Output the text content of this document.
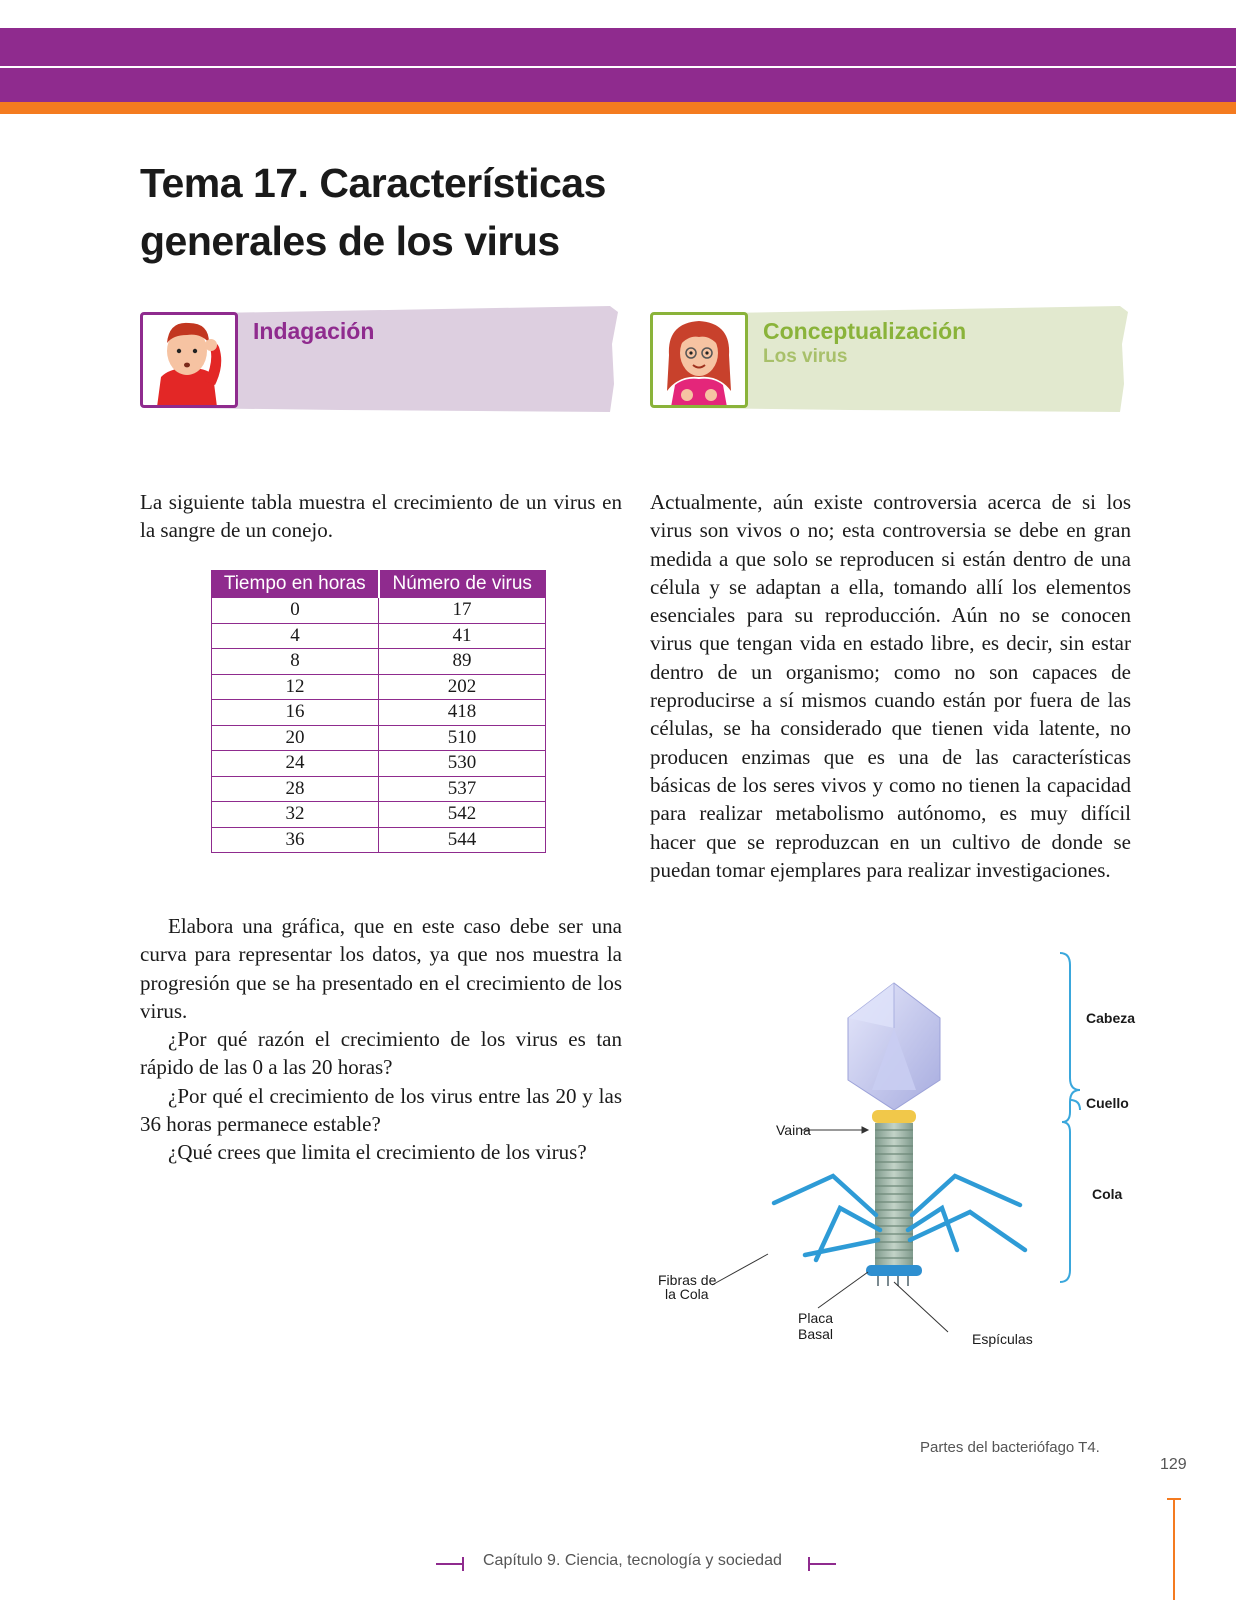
Tema 17. Características
generales de los virus
Indagación	Conceptualización
Los virus

La siguiente tabla muestra el crecimiento de un virus en la sangre de un conejo.

Tiempo en horas	Número de virus
0	17
4	41
8	89
12	202
16	418
20	510
24	530
28	537
32	542
36	544

Elabora una gráfica, que en este caso debe ser una curva para representar los datos, ya que nos muestra la progresión que se ha presentado en el crecimiento de los virus.

¿Por qué razón el crecimiento de los virus es tan rápido de las 0 a las 20 horas?

¿Por qué el crecimiento de los virus entre las 20 y las 36 horas permanece estable?

¿Qué crees que limita el crecimiento de los virus?

Actualmente, aún existe controversia acerca de si los virus son vivos o no; esta controversia se debe en gran medida a que solo se reproducen si están dentro de una célula y se adaptan a ella, tomando allí los elementos esenciales para su reproducción. Aún no se conocen virus que tengan vida en estado libre, es decir, sin estar dentro de un organismo; como no son capaces de reproducirse a sí mismos cuando están por fuera de las células, se ha considerado que tienen vida latente, no producen enzimas que es una de las características básicas de los seres vivos y como no tienen la capacidad para realizar metabolismo autónomo, es muy difícil hacer que se reproduzcan en un cultivo de donde se puedan tomar ejemplares para realizar investigaciones.

Cabeza
Cuello
Cola
Vaina
Fibras de
la Cola
Placa
Basal	Espículas
Partes del bacteriófago T4.
129
Capítulo 9. Ciencia, tecnología y sociedad
